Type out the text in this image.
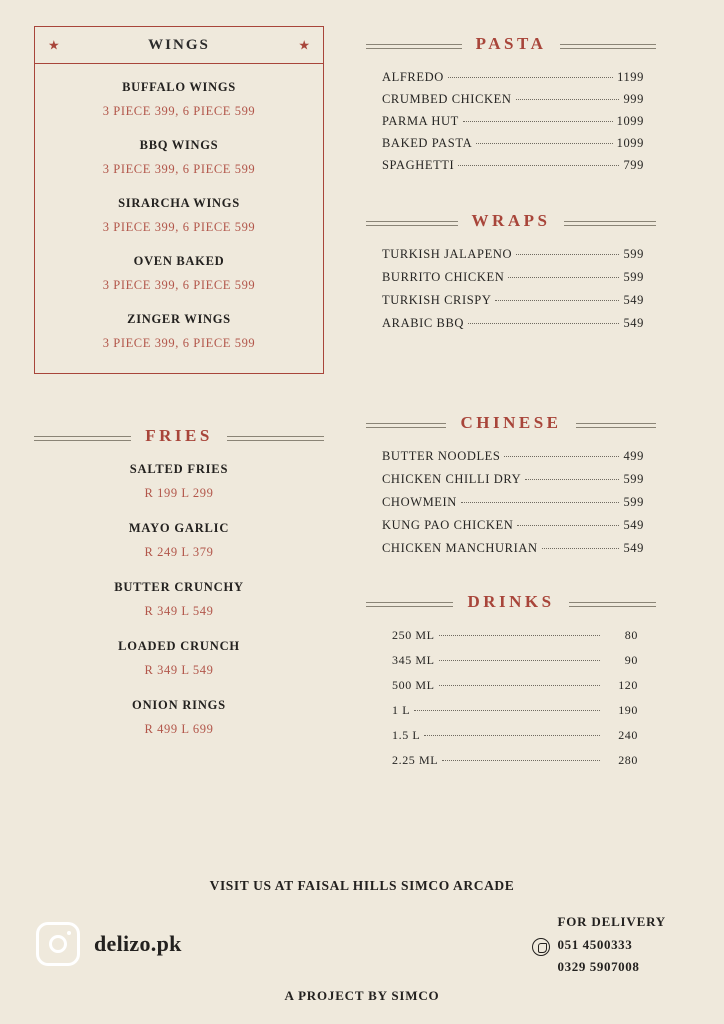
★	WINGS	★
BUFFALO WINGS
3 PIECE 399, 6 PIECE 599
BBQ WINGS
3 PIECE 399, 6 PIECE 599
SIRARCHA WINGS
3 PIECE 399, 6 PIECE 599
OVEN BAKED
3 PIECE 399, 6 PIECE 599
ZINGER WINGS
3 PIECE 399, 6 PIECE 599
FRIES
SALTED FRIES
R 199 L 299
MAYO GARLIC
R 249 L 379
BUTTER CRUNCHY
R 349 L 549
LOADED CRUNCH
R 349 L 549
ONION RINGS
R 499 L 699
PASTA
ALFREDO	1199
CRUMBED CHICKEN	999
PARMA HUT	1099
BAKED PASTA	1099
SPAGHETTI	799
WRAPS
TURKISH JALAPENO	599
BURRITO CHICKEN	599
TURKISH CRISPY	549
ARABIC BBQ	549
CHINESE
BUTTER NOODLES	499
CHICKEN CHILLI DRY	599
CHOWMEIN	599
KUNG PAO CHICKEN	549
CHICKEN MANCHURIAN	549
DRINKS
250 ML	80
345 ML	90
500 ML	120
1 L	190
1.5 L	240
2.25 ML	280
VISIT US AT FAISAL HILLS SIMCO ARCADE
delizo.pk
FOR DELIVERY
051 4500333
0329 5907008
A PROJECT BY SIMCO
